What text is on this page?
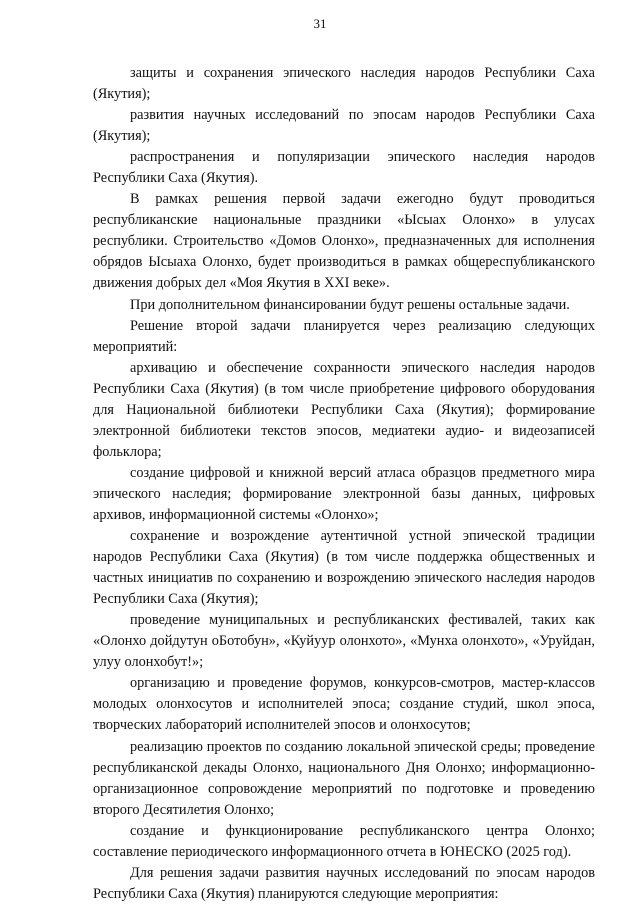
31

защиты и сохранения эпического наследия народов Республики Саха (Якутия);

развития научных исследований по эпосам народов Республики Саха (Якутия);

распространения и популяризации эпического наследия народов Республики Саха (Якутия).

В рамках решения первой задачи ежегодно будут проводиться республиканские национальные праздники «Ысыах Олонхо» в улусах республики. Строительство «Домов Олонхо», предназначенных для исполнения обрядов Ысыаха Олонхо, будет производиться в рамках общереспубликанского движения добрых дел «Моя Якутия в XXI веке».

При дополнительном финансировании будут решены остальные задачи.

Решение второй задачи планируется через реализацию следующих мероприятий:

архивацию и обеспечение сохранности эпического наследия народов Республики Саха (Якутия) (в том числе приобретение цифрового оборудования для Национальной библиотеки Республики Саха (Якутия); формирование электронной библиотеки текстов эпосов, медиатеки аудио- и видеозаписей фольклора;

создание цифровой и книжной версий атласа образцов предметного мира эпического наследия; формирование электронной базы данных, цифровых архивов, информационной системы «Олонхо»;

сохранение и возрождение аутентичной устной эпической традиции народов Республики Саха (Якутия) (в том числе поддержка общественных и частных инициатив по сохранению и возрождению эпического наследия народов Республики Саха (Якутия);

проведение муниципальных и республиканских фестивалей, таких как «Олонхо дойдутун оБотобун», «Куйуур олонхото», «Мунха олонхото», «Уруйдан, улуу олонхобут!»;

организацию и проведение форумов, конкурсов-смотров, мастер-классов молодых олонхосутов и исполнителей эпоса; создание студий, школ эпоса, творческих лабораторий исполнителей эпосов и олонхосутов;

реализацию проектов по созданию локальной эпической среды; проведение республиканской декады Олонхо, национального Дня Олонхо; информационно-организационное сопровождение мероприятий по подготовке и проведению второго Десятилетия Олонхо;

создание и функционирование республиканского центра Олонхо; составление периодического информационного отчета в ЮНЕСКО (2025 год).

Для решения задачи развития научных исследований по эпосам народов Республики Саха (Якутия) планируются следующие мероприятия:
